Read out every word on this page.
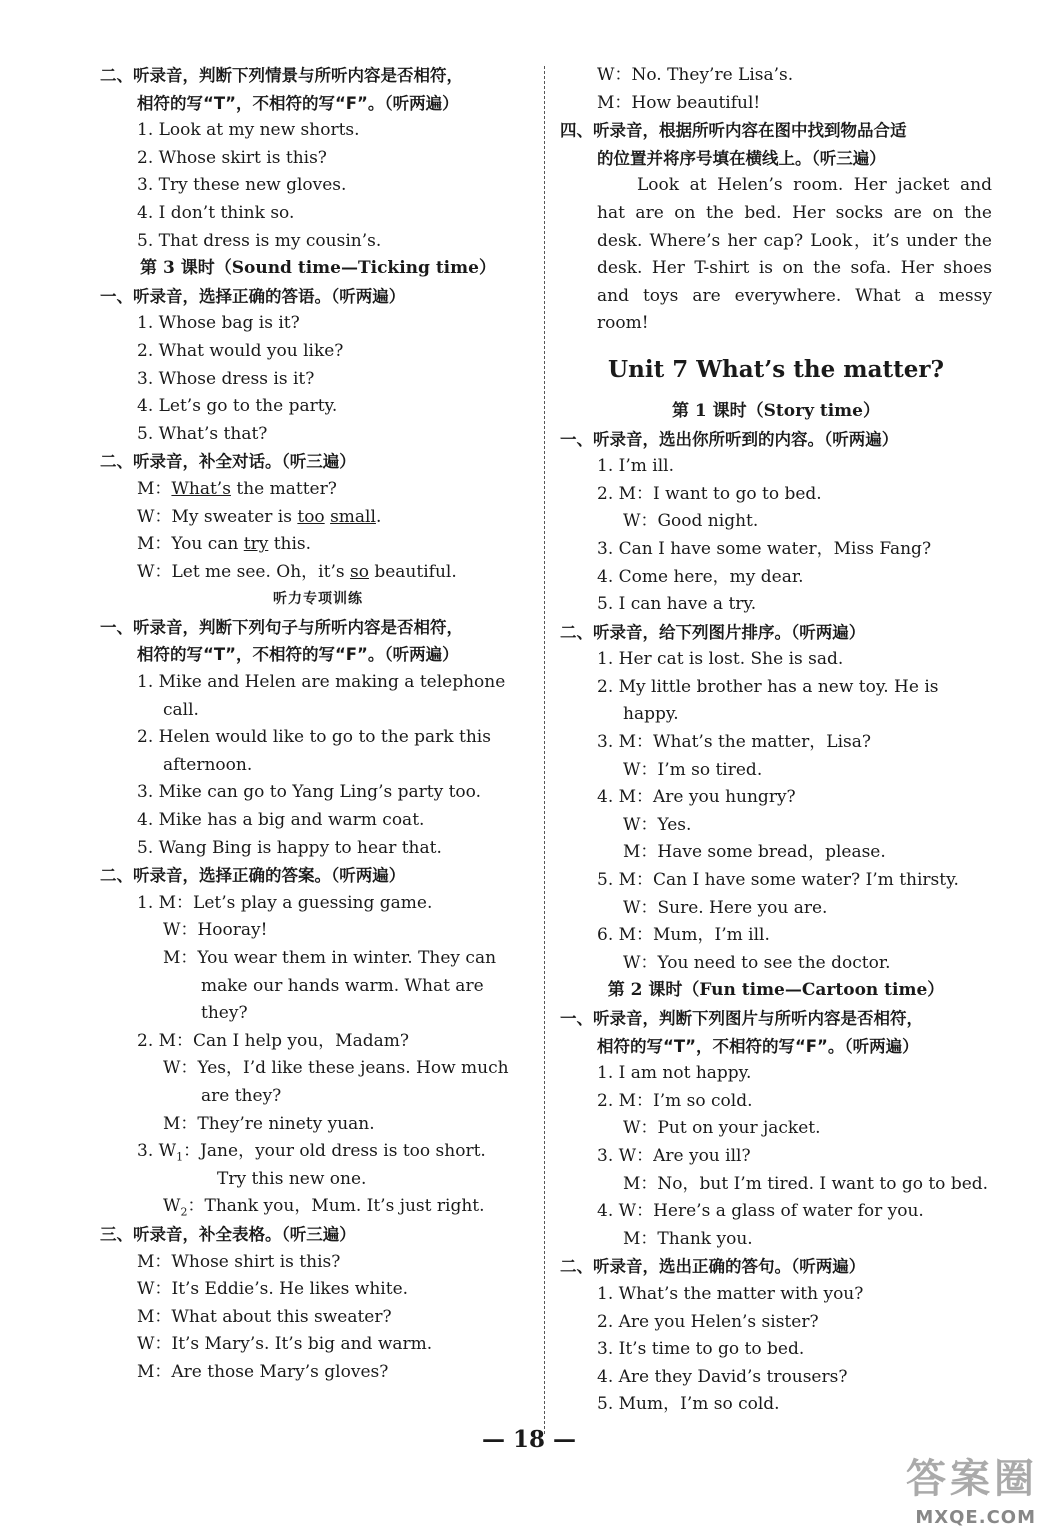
二、听录音，判断下列情景与所听内容是否相符，
相符的写“T”，不相符的写“F”。（听两遍）
1. Look at my new shorts.
2. Whose skirt is this?
3. Try these new gloves.
4. I don’t think so.
5. That dress is my cousin’s.
第 3 课时（Sound time—Ticking time）
一、听录音，选择正确的答语。（听两遍）
1. Whose bag is it?
2. What would you like?
3. Whose dress is it?
4. Let’s go to the party.
5. What’s that?
二、听录音，补全对话。（听三遍）
M：What’s the matter?
W：My sweater is too small.
M：You can try this.
W：Let me see. Oh，it’s so beautiful.
听力专项训练
一、听录音，判断下列句子与所听内容是否相符，
相符的写“T”，不相符的写“F”。（听两遍）
1. Mike and Helen are making a telephone
call.
2. Helen would like to go to the park this
afternoon.
3. Mike can go to Yang Ling’s party too.
4. Mike has a big and warm coat.
5. Wang Bing is happy to hear that.
二、听录音，选择正确的答案。（听两遍）
1. M：Let’s play a guessing game.
W：Hooray!
M：You wear them in winter. They can
make our hands warm. What are
they?
2. M：Can I help you，Madam?
W：Yes，I’d like these jeans. How much
are they?
M：They’re ninety yuan.
3. $W_1$：Jane，your old dress is too short.
Try this new one.
$W_2$：Thank you，Mum. It’s just right.
三、听录音，补全表格。（听三遍）
M：Whose shirt is this?
W：It’s Eddie’s. He likes white.
M：What about this sweater?
W：It’s Mary’s. It’s big and warm.
M：Are those Mary’s gloves?
W：No. They’re Lisa’s.
M：How beautiful!
四、听录音，根据所听内容在图中找到物品合适
的位置并将序号填在横线上。（听三遍）

Look at Helen’s room. Her jacket and hat are on the bed. Her socks are on the desk. Where’s her cap? Look，it’s under the desk. Her T-shirt is on the sofa. Her shoes and toys are everywhere. What a messy room!

Unit 7 What’s the matter?
第 1 课时（Story time）
一、听录音，选出你所听到的内容。（听两遍）
1. I’m ill.
2. M：I want to go to bed.
W：Good night.
3. Can I have some water，Miss Fang?
4. Come here，my dear.
5. I can have a try.
二、听录音，给下列图片排序。（听两遍）
1. Her cat is lost. She is sad.
2. My little brother has a new toy. He is
happy.
3. M：What’s the matter，Lisa?
W：I’m so tired.
4. M：Are you hungry?
W：Yes.
M：Have some bread，please.
5. M：Can I have some water? I’m thirsty.
W：Sure. Here you are.
6. M：Mum，I’m ill.
W：You need to see the doctor.
第 2 课时（Fun time—Cartoon time）
一、听录音，判断下列图片与所听内容是否相符，
相符的写“T”，不相符的写“F”。（听两遍）
1. I am not happy.
2. M：I’m so cold.
W：Put on your jacket.
3. W：Are you ill?
M：No，but I’m tired. I want to go to bed.
4. W：Here’s a glass of water for you.
M：Thank you.
二、听录音，选出正确的答句。（听两遍）
1. What’s the matter with you?
2. Are you Helen’s sister?
3. It’s time to go to bed.
4. Are they David’s trousers?
5. Mum，I’m so cold.
— 18 —
答案圈
MXQE.COM
